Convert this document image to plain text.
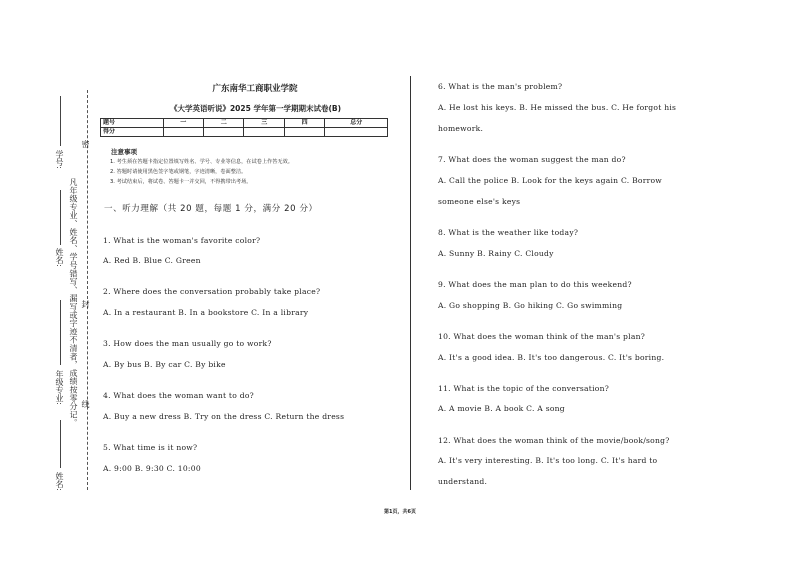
学号:
姓名:
年级专业:
姓名:
凡年级专业、姓名、学号错写、漏写或字迹不清者，成绩按零分记。
密
封
线
广东南华工商职业学院
《大学英语听说》2025 学年第一学期期末试卷(B)
题号	一	二	三	四	总分
得分					
注意事项
1. 考生须在答题卡指定位置填写姓名、学号、专业等信息，在试卷上作答无效。
2. 答题时请使用黑色签字笔或钢笔，字迹清晰，卷面整洁。
3. 考试结束后，将试卷、答题卡一并交回，不得携带出考场。
一、听力理解（共 20 题，每题 1 分，满分 20 分）
1. What is the woman's favorite color?
A. Red B. Blue C. Green
2. Where does the conversation probably take place?
A. In a restaurant B. In a bookstore C. In a library
3. How does the man usually go to work?
A. By bus B. By car C. By bike
4. What does the woman want to do?
A. Buy a new dress B. Try on the dress C. Return the dress
5. What time is it now?
A. 9:00 B. 9:30 C. 10:00
6. What is the man's problem?
A. He lost his keys. B. He missed the bus. C. He forgot his
homework.
7. What does the woman suggest the man do?
A. Call the police B. Look for the keys again C. Borrow
someone else's keys
8. What is the weather like today?
A. Sunny B. Rainy C. Cloudy
9. What does the man plan to do this weekend?
A. Go shopping B. Go hiking C. Go swimming
10. What does the woman think of the man's plan?
A. It's a good idea. B. It's too dangerous. C. It's boring.
11. What is the topic of the conversation?
A. A movie B. A book C. A song
12. What does the woman think of the movie/book/song?
A. It's very interesting. B. It's too long. C. It's hard to
understand.
第1页，共6页
